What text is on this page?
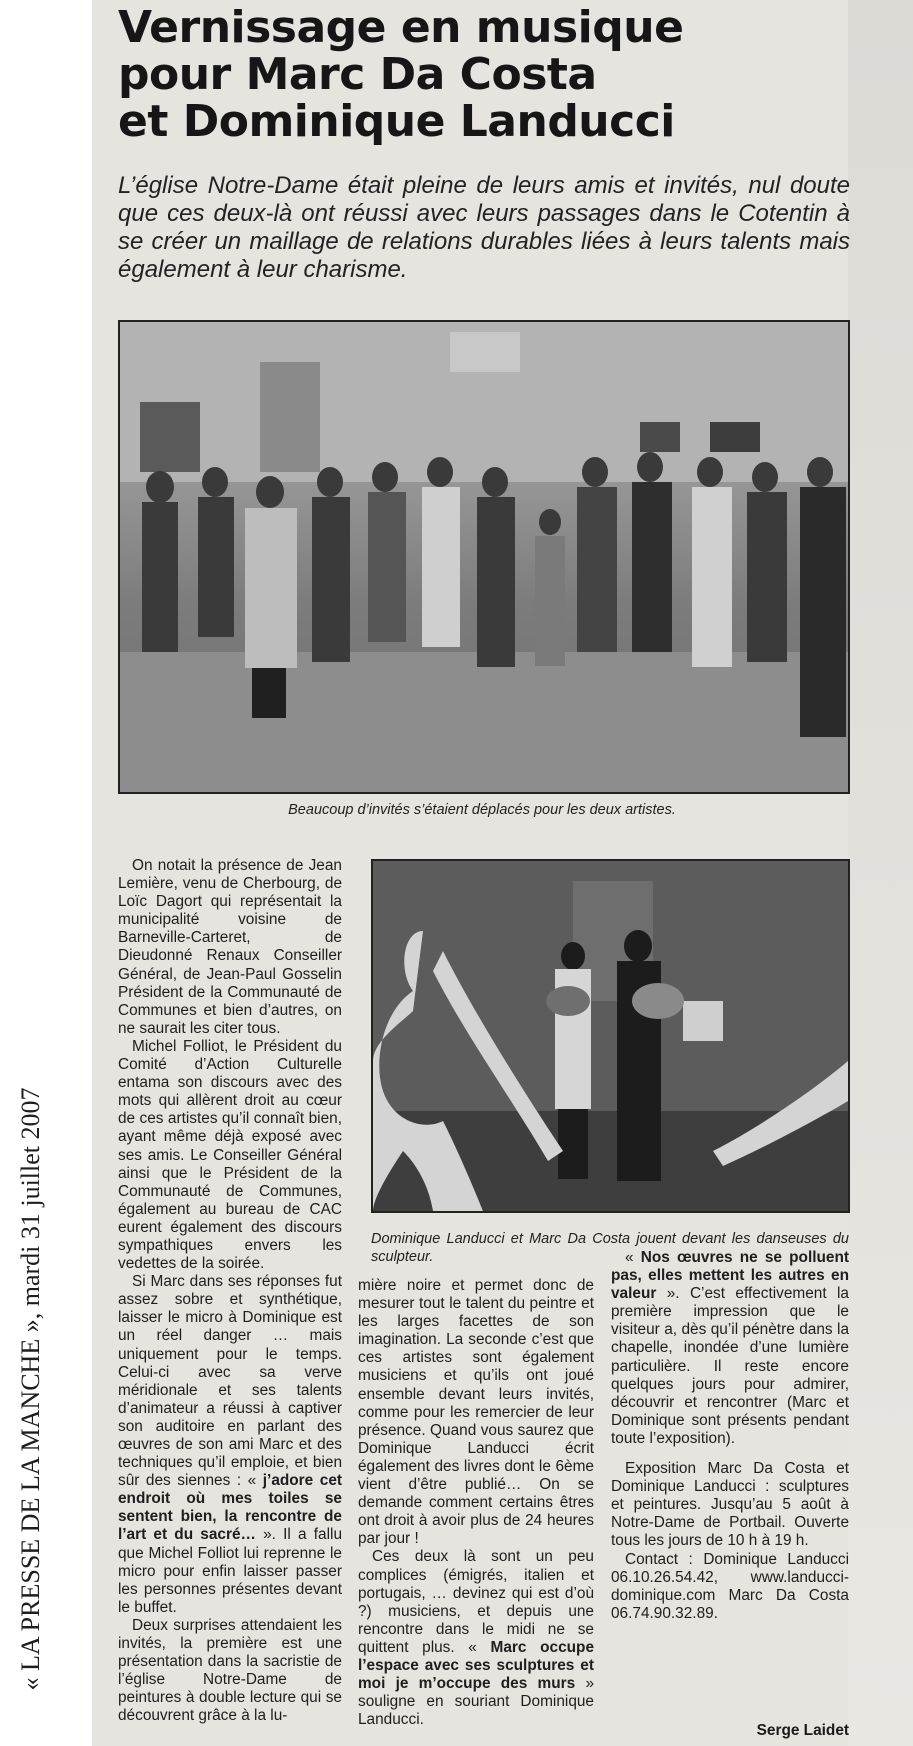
« LA PRESSE DE LA MANCHE », mardi 31 juillet 2007
Vernissage en musique
pour Marc Da Costa
et Dominique Landucci

L’église Notre-Dame était pleine de leurs amis et invités, nul doute que ces deux-là ont réussi avec leurs passages dans le Cotentin à se créer un maillage de relations durables liées à leurs talents mais également à leur charisme.

Beaucoup d’invités s’étaient déplacés pour les deux artistes.

Dominique Landucci et Marc Da Costa jouent devant les danseuses du sculpteur.

On notait la présence de Jean Lemière, venu de Cherbourg, de Loïc Dagort qui représentait la municipalité voisine de Barneville-Carteret, de Dieudonné Renaux Conseiller Général, de Jean-Paul Gosselin Président de la Communauté de Communes et bien d’autres, on ne saurait les citer tous.

Michel Folliot, le Président du Comité d’Action Culturelle entama son discours avec des mots qui allèrent droit au cœur de ces artistes qu’il connaît bien, ayant même déjà exposé avec ses amis. Le Conseiller Général ainsi que le Président de la Communauté de Communes, également au bureau de CAC eurent également des discours sympathiques envers les vedettes de la soirée.

Si Marc dans ses réponses fut assez sobre et synthétique, laisser le micro à Dominique est un réel danger … mais uniquement pour le temps. Celui-ci avec sa verve méridionale et ses talents d’animateur a réussi à captiver son auditoire en parlant des œuvres de son ami Marc et des techniques qu’il emploie, et bien sûr des siennes : « j’adore cet endroit où mes toiles se sentent bien, la rencontre de l’art et du sacré… ». Il a fallu que Michel Folliot lui reprenne le micro pour enfin laisser passer les personnes présentes devant le buffet.

Deux surprises attendaient les invités, la première est une présentation dans la sacristie de l’église Notre-Dame de peintures à double lecture qui se découvrent grâce à la lu-

mière noire et permet donc de mesurer tout le talent du peintre et les larges facettes de son imagination. La seconde c’est que ces artistes sont également musiciens et qu’ils ont joué ensemble devant leurs invités, comme pour les remercier de leur présence. Quand vous saurez que Dominique Landucci écrit également des livres dont le 6ème vient d’être publié… On se demande comment certains êtres ont droit à avoir plus de 24 heures par jour !

Ces deux là sont un peu complices (émigrés, italien et portugais, … devinez qui est d’où ?) musiciens, et depuis une rencontre dans le midi ne se quittent plus. « Marc occupe l’espace avec ses sculptures et moi je m’occupe des murs » souligne en souriant Dominique Landucci.

« Nos œuvres ne se polluent pas, elles mettent les autres en valeur ». C’est effectivement la première impression que le visiteur a, dès qu’il pénètre dans la chapelle, inondée d’une lumière particulière. Il reste encore quelques jours pour admirer, découvrir et rencontrer (Marc et Dominique sont présents pendant toute l’exposition).

Exposition Marc Da Costa et Dominique Landucci : sculptures et peintures. Jusqu’au 5 août à Notre-Dame de Portbail. Ouverte tous les jours de 10 h à 19 h.

Contact : Dominique Landucci 06.10.26.54.42, www.landucci-dominique.com Marc Da Costa 06.74.90.32.89.

Serge Laidet
